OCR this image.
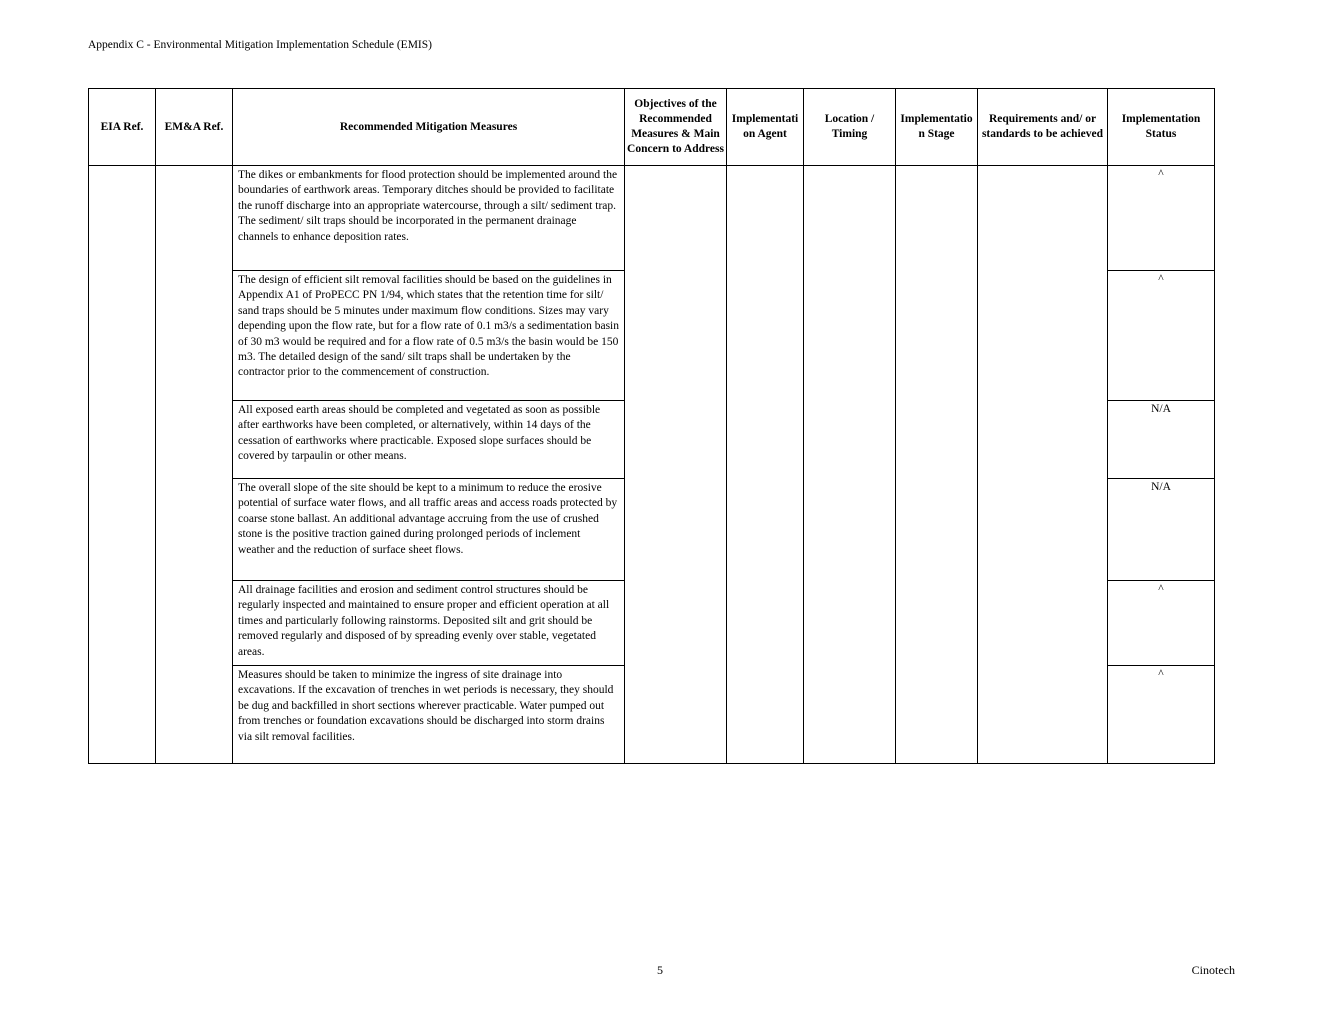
Appendix C - Environmental Mitigation Implementation Schedule (EMIS)
EIA Ref.	EM&A Ref.	Recommended Mitigation Measures	Objectives of the Recommended Measures & Main Concern to Address	Implementation Agent	Location / Timing	Implementation Stage	Requirements and/ or standards to be achieved	Implementation Status
		The dikes or embankments for flood protection should be implemented around the boundaries of earthwork areas. Temporary ditches should be provided to facilitate the runoff discharge into an appropriate watercourse, through a silt/ sediment trap. The sediment/ silt traps should be incorporated in the permanent drainage channels to enhance deposition rates.						^
		The design of efficient silt removal facilities should be based on the guidelines in Appendix A1 of ProPECC PN 1/94, which states that the retention time for silt/ sand traps should be 5 minutes under maximum flow conditions. Sizes may vary depending upon the flow rate, but for a flow rate of 0.1 m3/s a sedimentation basin of 30 m3 would be required and for a flow rate of 0.5 m3/s the basin would be 150 m3. The detailed design of the sand/ silt traps shall be undertaken by the contractor prior to the commencement of construction.						^
		All exposed earth areas should be completed and vegetated as soon as possible after earthworks have been completed, or alternatively, within 14 days of the cessation of earthworks where practicable. Exposed slope surfaces should be covered by tarpaulin or other means.						N/A
		The overall slope of the site should be kept to a minimum to reduce the erosive potential of surface water flows, and all traffic areas and access roads protected by coarse stone ballast. An additional advantage accruing from the use of crushed stone is the positive traction gained during prolonged periods of inclement weather and the reduction of surface sheet flows.						N/A
		All drainage facilities and erosion and sediment control structures should be regularly inspected and maintained to ensure proper and efficient operation at all times and particularly following rainstorms. Deposited silt and grit should be removed regularly and disposed of by spreading evenly over stable, vegetated areas.						^
		Measures should be taken to minimize the ingress of site drainage into excavations. If the excavation of trenches in wet periods is necessary, they should be dug and backfilled in short sections wherever practicable. Water pumped out from trenches or foundation excavations should be discharged into storm drains via silt removal facilities.						^
5	Cinotech
